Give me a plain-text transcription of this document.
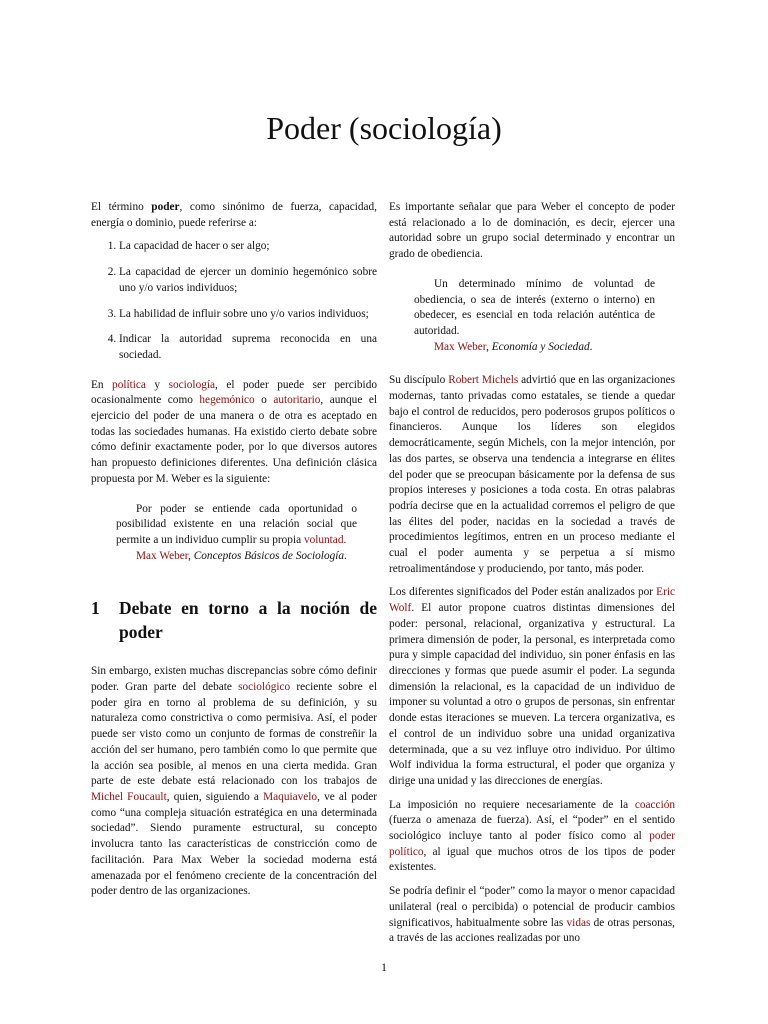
Poder (sociología)

El término poder, como sinónimo de fuerza, capacidad, energía o dominio, puede referirse a:

1. La capacidad de hacer o ser algo;
2. La capacidad de ejercer un dominio hegemónico sobre uno y/o varios individuos;
3. La habilidad de influir sobre uno y/o varios individuos;
4. Indicar la autoridad suprema reconocida en una sociedad.

En política y sociología, el poder puede ser percibido ocasionalmente como hegemónico o autoritario, aunque el ejercicio del poder de una manera o de otra es aceptado en todas las sociedades humanas. Ha existido cierto debate sobre cómo definir exactamente poder, por lo que diversos autores han propuesto definiciones diferentes. Una definición clásica propuesta por M. Weber es la siguiente:

Por poder se entiende cada oportunidad o posibilidad existente en una relación social que permite a un individuo cumplir su propia voluntad.

Max Weber, Conceptos Básicos de Sociología.

1	Debate en torno a la noción de poder

Sin embargo, existen muchas discrepancias sobre cómo definir poder. Gran parte del debate sociológico reciente sobre el poder gira en torno al problema de su definición, y su naturaleza como constrictiva o como permisiva. Así, el poder puede ser visto como un conjunto de formas de constreñir la acción del ser humano, pero también como lo que permite que la acción sea posible, al menos en una cierta medida. Gran parte de este debate está relacionado con los trabajos de Michel Foucault, quien, siguiendo a Maquiavelo, ve al poder como “una compleja situación estratégica en una determinada sociedad”. Siendo puramente estructural, su concepto involucra tanto las características de constricción como de facilitación. Para Max Weber la sociedad moderna está amenazada por el fenómeno creciente de la concentración del poder dentro de las organizaciones.

Es importante señalar que para Weber el concepto de poder está relacionado a lo de dominación, es decir, ejercer una autoridad sobre un grupo social determinado y encontrar un grado de obediencia.

Un determinado mínimo de voluntad de obediencia, o sea de interés (externo o interno) en obedecer, es esencial en toda relación auténtica de autoridad.

Max Weber, Economía y Sociedad.

Su discípulo Robert Michels advirtió que en las organizaciones modernas, tanto privadas como estatales, se tiende a quedar bajo el control de reducidos, pero poderosos grupos políticos o financieros. Aunque los líderes son elegidos democráticamente, según Michels, con la mejor intención, por las dos partes, se observa una tendencia a integrarse en élites del poder que se preocupan básicamente por la defensa de sus propios intereses y posiciones a toda costa. En otras palabras podría decirse que en la actualidad corremos el peligro de que las élites del poder, nacidas en la sociedad a través de procedimientos legítimos, entren en un proceso mediante el cual el poder aumenta y se perpetua a sí mismo retroalimentándose y produciendo, por tanto, más poder.

Los diferentes significados del Poder están analizados por Eric Wolf. El autor propone cuatros distintas dimensiones del poder: personal, relacional, organizativa y estructural. La primera dimensión de poder, la personal, es interpretada como pura y simple capacidad del individuo, sin poner énfasis en las direcciones y formas que puede asumir el poder. La segunda dimensión la relacional, es la capacidad de un individuo de imponer su voluntad a otro o grupos de personas, sin enfrentar donde estas iteraciones se mueven. La tercera organizativa, es el control de un individuo sobre una unidad organizativa determinada, que a su vez influye otro individuo. Por último Wolf individua la forma estructural, el poder que organiza y dirige una unidad y las direcciones de energías.

La imposición no requiere necesariamente de la coacción (fuerza o amenaza de fuerza). Así, el “poder” en el sentido sociológico incluye tanto al poder físico como al poder político, al igual que muchos otros de los tipos de poder existentes.

Se podría definir el “poder” como la mayor o menor capacidad unilateral (real o percibida) o potencial de producir cambios significativos, habitualmente sobre las vidas de otras personas, a través de las acciones realizadas por uno

1
